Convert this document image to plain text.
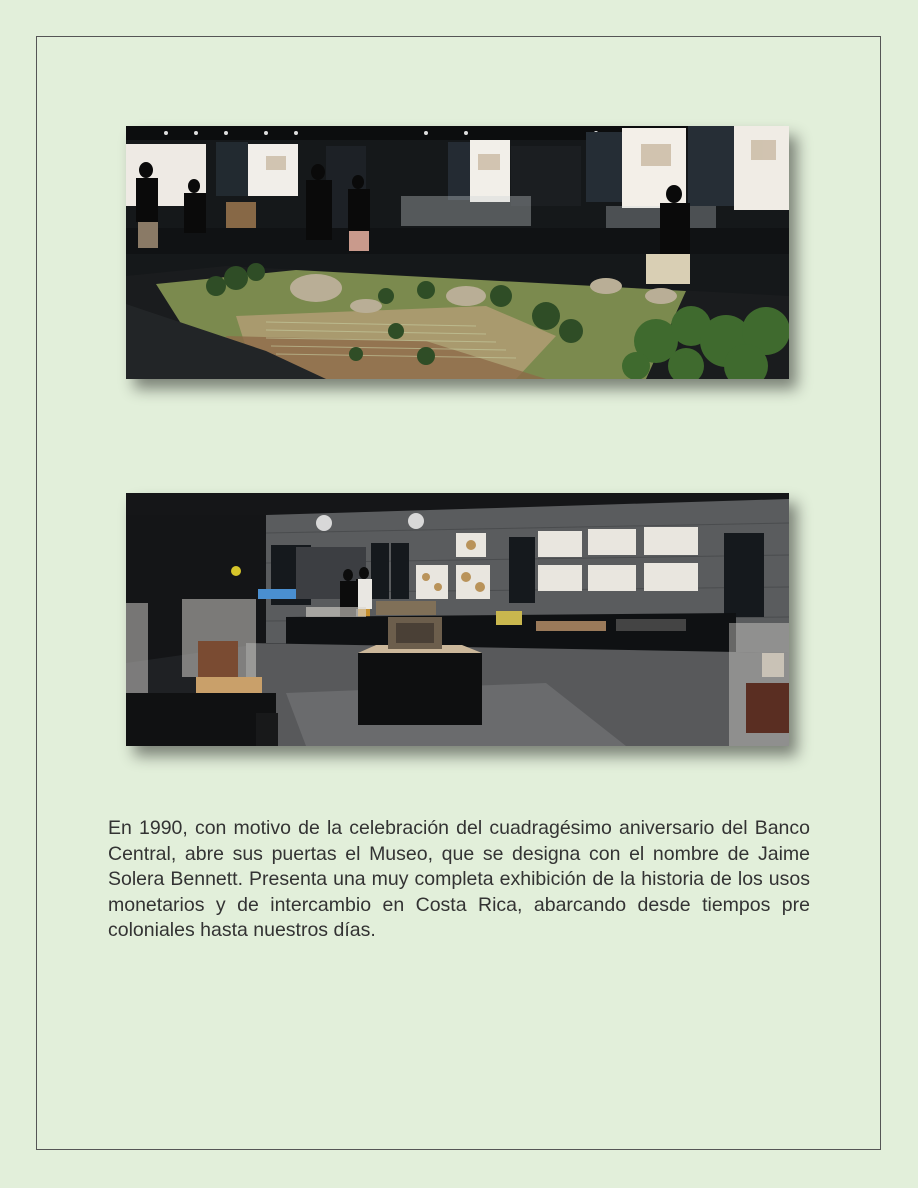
En 1990, con motivo de la celebración del cuadragésimo aniversario del Banco Central, abre sus puertas el Museo, que se designa con el nombre de Jaime Solera Bennett. Presenta una muy completa exhibición de la historia de los usos monetarios y de intercambio en Costa Rica, abarcando desde tiempos pre coloniales hasta nuestros días.
